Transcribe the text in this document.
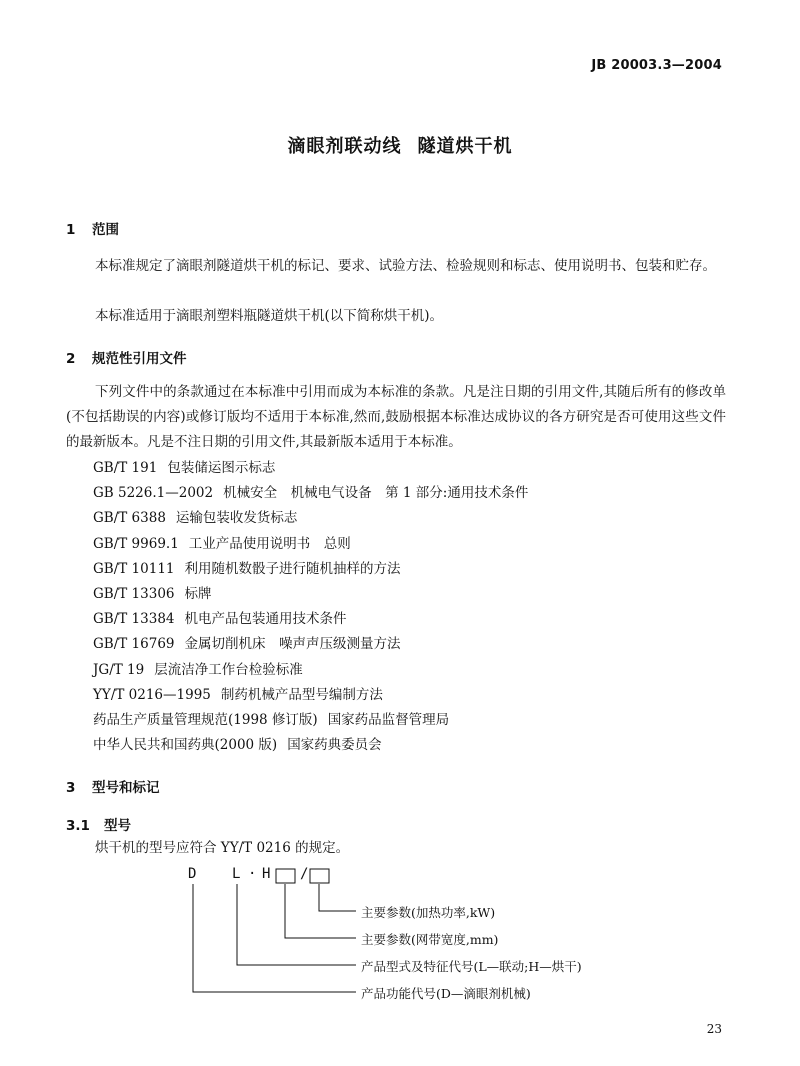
JB 20003.3—2004
滴眼剂联动线 隧道烘干机
1 范围

本标准规定了滴眼剂隧道烘干机的标记、要求、试验方法、检验规则和标志、使用说明书、包装和贮存。

本标准适用于滴眼剂塑料瓶隧道烘干机(以下简称烘干机)。

2 规范性引用文件

下列文件中的条款通过在本标准中引用而成为本标准的条款。凡是注日期的引用文件,其随后所有的修改单(不包括勘误的内容)或修订版均不适用于本标准,然而,鼓励根据本标准达成协议的各方研究是否可使用这些文件的最新版本。凡是不注日期的引用文件,其最新版本适用于本标准。

GB/T 191 包装储运图示标志
GB 5226.1—2002 机械安全　机械电气设备　第 1 部分:通用技术条件
GB/T 6388 运输包装收发货标志
GB/T 9969.1 工业产品使用说明书　总则
GB/T 10111 利用随机数骰子进行随机抽样的方法
GB/T 13306 标牌
GB/T 13384 机电产品包装通用技术条件
GB/T 16769 金属切削机床　噪声声压级测量方法
JG/T 19 层流洁净工作台检验标准
YY/T 0216—1995 制药机械产品型号编制方法
药品生产质量管理规范(1998 修订版) 国家药品监督管理局
中华人民共和国药典(2000 版) 国家药典委员会
3 型号和标记
3.1 型号

烘干机的型号应符合 YY/T 0216 的规定。

D	L · H /
主要参数(加热功率,kW)
主要参数(网带宽度,mm)
产品型式及特征代号(L—联动;H—烘干)
产品功能代号(D—滴眼剂机械)
23
